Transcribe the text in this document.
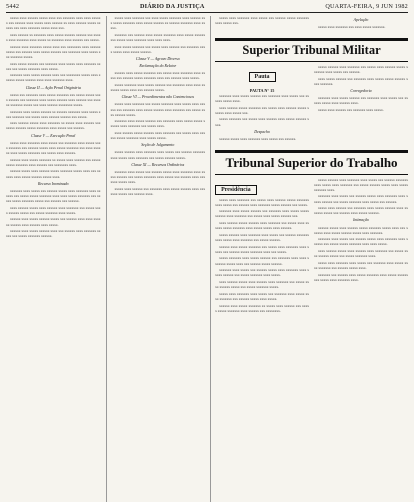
5442	DIÁRIO DA JUSTIÇA	QUARTA-FEIRA, 9 JUN 1982

xxxxx xxxx xxxxxx xxxxx xxxx xxx xxxxxxx xxxx xxxx xxxxxx xxx xxxxxx xxxx xxxxx xxxx xxxxxx xx xxxx xxxxxx xxxxx xxxxxx xxx xxxx xxxxxxx xxxxx xxxx xxx.

xxxx xxxxxx xx xxxxxxx xxxx xxxxx xxxxxx xxxxxx xxx xxxxx xxxx xxxxxxx xxxx xxxxx xx xxxxxxx xxxx xxxxxx xxx xxxxx.

xxxxxx xxxx xxxxxxx xxxxx xxxx xxx xxxxxxxx xxxx xxxxxx xxxxx xxx xxxxxx xxxx xxxxx xxxxxx xxx xxxxxxx xxxx xxxxx xxx xxxxxxx xxxxx.

xxxx xxxxx xxxxxx xxx xxxxxxx xxxx xxxxx xxxx xxxxxxx xxxxx xxx xxxxx xxxxxxx xxxx xxxxx.

xxxxxxx xxxx xxxxx xxxxxx xxxx xxx xxxxxxxx xxxxx xxxx xxxxxx xxxxx xxxxxx xxxx xxxx xxxxxxx xxxx.

Classe II — Ação Penal Originária

xxxxx xxx xxxxxxx xxxx xxxxx xxxxxxx xxx xxxxx xxxxx xxxx xxxxxx xxx xxxxxxx xxxx xxxxx xxxxxx xxxx xxxxxx xxx xxxxxx xxxxxxx xxxxx xxx xxxx xxxxxx xxxxxxxx xxxxx.

xxxxxxx xxxx xxxxx xxxxxx xx xxxxxx xxxxxxx xxxx xxxxx xxxx xxxxxxx xxx xxxxx xxxx xxxxxx xxxxxx xxx xxxxx.

xxxx xxxxxx xxxxx xxxx xxxxxxx xx xxxxx xxxx xxxxxx xxx xxxxx xxxxxx xxxxx xxxxxxx xxxx xxxxx xxx xxxxxx.

Classe V — Execução Penal

xxxxx xxxx xxxxxxx xxxx xxxxx xxx xxxxxxx xxxx xxxxx xxxx xxxxxxx xxx xxxxxx xxxxx xxxx xxxxx xxxxxxx xxx xxxx xxxxxx xxxx xxxxx xxxxxxx xxx xxxxx xxxx xxxxxx.

xxxxxx xxxx xxxxx xxxxxxx xx xxxxx xxxx xxxxxx xxx xxxxx xxxxx xxxxxxx xxxx xxxxxx xxx xxxxxxxx xxxx.

xxxxxx xxxxx xxxx xxxxxx xxxxx xxxxxxx xxxxx xxxx xxx xxxxxx xxxx xxxxx xxxxxx xxxxx xxxx.

Recurso Inominado

xxxxxxx xxxx xxxxx xxx xxxxxx xxxxx xxxx xxxxxxx xxxx xxxxxx xxx xxxxx xxxxx xxxxxxx xxxx xxxx xxxxx xxxxxxx xxx xxxxx xxxxx xxxxxxx xxxxx xxx xxxxxx xxx xxxxxx.

xxxx xxxxxx xxxxx xxxx xxxxxx xxxx xxxxxxx xxx xxxxx xxxx xxxxxx xxxxx xxx xxxxx xxxxxxx xxxx xxxxx.

xxxxxx xxxx xxxxx xxxxxx xxxxx xxx xxxxxx xxxx xxxx xxxxxx xxxxxx xxxx xxxxxx xxxx xxxxx.

xxxxxx xxxx xxxxx xxxxxx xxxx xxx xxxxxx xxxx xxxxxxx xxxxx xxx xxxxx xxxxxxx xxxxxx.

xxxxx xxxx xxxxxxx xxx xxxx xxxxx xxxxxxx xxxx xxxxxx xxx xxxxx xxxxxxx xxxx xxxxx xxxxxx xx xxxxxx xxxxxxx xxxx xxxxx.

xxxxxxx xxx xxxxxx xxxx xxxxx xxxxxxx xxxx xxxxx xxxxxx xxx xxxxx xxxx xxxxxxx xxxx xxxx xxxx.

xxxx xxxxx xxxxxxx xxx xxxxx xxxx xxxxxx xxx xxxxxxx xxxx xxxxx xxxx xxxxx xxxxxx.

Classe V — Agravo Diverso
Reclamação do Relator

xxxxxx xxxx xxxxx xxxxxxx xxx xxxxx xxxx xxxxxxx xxxx xxxxx xxx xxxxxx xxxxx xxxxxxx xxxx xxx xxxxxx xxxx xxxxx.

xxxxx xxxxxxx xxxx xxxxx xxxxxx xxx xxxxxxx xxxx xxxx xxxxxxx xxxxx xxxx xxx xxxxxx xxxxx.

Classe VI — Procedimentos não Contenciosos

xxxxx xxxx xxxxxxx xxx xxxxx xxxxxxx xxxx xxxxx xxxx xxxxxx xxx xxxxxxx xxxx xxxxx xxxxxx xxxx xxxxxxx xxx xxxxx xxxx xxxxxx xxxxx.

xxxxxxx xxxx xxxxx xxxxxx xxx xxxxxxx xxxx xxxxx xxxxx xxxxxx xxxx xxxxxxx xxx xxxxx xxxx.

xxxx xxxxxx xxxxx xxxxxx xxxx xxxxxxx xxx xxxxx xxxx xxxxxx xxxxx xxxxxxx xxxx xxxxx xxxxx.

Seção de Julgamento

xxxxx xxxxxx xxxx xxxxxxx xxxx xxxxx xxx xxxxxx xxxxxxx xxxx xxxxx xxxx xxxxxxx xxx xxxxx xxxxxx xxxxx.

Classe XI — Recursos Ordinários

xxxxxxx xxxx xxxxx xxx xxxxxx xxxxx xxxx xxxxxxx xxxx xxxxx xxxxxx xxx xxxxx xxxxxxx xxxx xxxxx xxx xxxxxx xxxx xxxxxxx xxxxx xxxx.

xxxxx xxxx xxxxxx xxx xxxxxxx xxxx xxxxx xxxxxx xxxx xxxxxxx xxxxx xxx xxxxxx xxxx.

xxxxx xxxx xxxxxxx xxxx xxxxx xxx xxxxxx xxxxx xxxxxxx xxxx xxxxx xxx.

Apelação

xxxxx xxxx xxxxxxx xxx xxxx xxxxx xxxxxxx.

Superior Tribunal Militar
Pauta
PAUTA N° 15

xxxxxxx xxxx xxxxx xxxxxx xxx xxxxxxx xxxx xxxxx xxx xxxxxx xxxxx xxxx.

xxxx xxxxxx xxxxx xxxxxxx xxx xxxxx xxxx xxxxxx xxxxx xxxxxx xxxx xxxxx xxx.

xxxxx xxxxxxx xxx xxxxx xxxx xxxxxx xxxx xxxxx xxxxxx xxxx.

Despacho

xxxxxx xxxxx xxxx xxxxxxx xxxx xxxxx xxx xxxxxx.

xxxxx xxxxxx xxxx xxxxxxx xxx xxxxx xxxx xxxxxx xxxxx xxxxxxx xxxx xxxxx xxx xxxxxx.

xxxx xxxxx xxxxxx xxx xxxxxxx xxxx xxxxx xxxxx xxxxxx xxxx xxxxxxx.

Corregedoria

xxxxxxx xxxx xxxxx xxxxxx xxx xxxxxxx xxxx xxxxx xxx xxxxxx xxxxx xxxx xxxxxx xxxx.

xxxxx xxxx xxxxxx xxx xxxxxxx xxxx xxxxx.

Tribunal Superior do Trabalho
Presidência

xxxxx xxxx xxxxxxx xxx xxxxx xxxx xxxxxx xxxxx xxxxxxx xxxx xxxxx xxx xxxxxx xxxx xxxxxxx xxxxx xxxxxx xxx xxxxx.

xxxxxxx xxxx xxxxx xxxxxx xxx xxxxxxx xxxx xxxxx xxxxx xxxxxx xxxx xxxxxxx xxx xxxxx xxxx xxxxx xxxxxx xxx.

xxxx xxxxxx xxxxx xxxxxx xxxx xxxxxxx xxx xxxxx xxxx xxxxxx xxxxx xxxxxxx xxxx xxxxx xxxxx xxxx xxxxxx.

xxxxx xxxxxx xxxx xxxxxxx xxxx xxxxx xxx xxxxxx xxxxxxx xxxx xxxxx xxxx xxxxxxx xxx xxxxx xxxxxx.

xxxxxx xxxx xxxxx xxxxxxx xxx xxxxx xxxx xxxxxxx xxxx xxxxx xxx xxxxxx xxxxx xxxxxxx xxxx xxx xxxxx.

xxxxx xxxxxxx xxxx xxxxx xxxxxx xxx xxxxxxx xxxx xxxx xxxxxxx xxxxx xxxx xxx xxxxxx xxxxx xxxxxx.

xxxxxxx xxxx xxxxx xxx xxxxxx xxxxx xxxx xxxxxxx xxxx xxxxx xxxxxx xxx xxxxx xxxxxxx xxxx xxxxx.

xxxx xxxxxx xxxxx xxxx xxxxxx xxxx xxxxxxx xxx xxxxx xxxx xxxxxx xxxxx xxx xxxxx xxxxxxx xxxxx.

xxxxx xxxx xxxxxxx xxxx xxxxx xxx xxxxxxx xxxx xxxxx xxxx xxxxxxx xxx xxxxxx xxxxx xxxx xxxxx.

xxxxxx xxxx xxxxx xxxxxxx xx xxxxx xxxx xxxxxx xxx xxxxx xxxxx xxxxxxx xxxx xxxxxx xxx xxxxxxxx.

xxxxx xxxxxx xxxx xxxxxxx xxxx xxxxx xxx xxxxxx xxxxxxx xxxx xxxxx xxxx xxxxxxx xxx xxxxx xxxxxx xxxxx xxxx xxxxx xxxxxxx xxxx.

xxxxxxx xxxx xxxxx xxx xxxxxx xxxxx xxxx xxxxxxx xxxx xxxxx xxxxxx xxx xxxxx xxxxxxx xxxx xxxxx xxx xxxxxx.

xxxxx xxxx xxxxxx xxx xxxxxxx xxxx xxxxx xxxxxx xxxx xxxxxxx xxxxx xxx xxxxxx xxxx xxxxx xxxxxx.

Intimação

xxxxxx xxxxx xxxx xxxxxx xxxxx xxxxxxx xxxxx xxxx xxx xxxxxx xxxx xxxxx xxxxxx xxxxx xxxx xxxxxxx.

xxxxxxx xxxx xxxxx xxx xxxxxx xxxxx xxxx xxxxxxx xxxx xxxxxx xxx xxxxx xxxxx xxxxxxx xxxx xxxx xxxxx.

xxxx xxxxxx xxxxx xxxx xxxxxx xxxx xxxxxxx xxx xxxxx xxxx xxxxxx xxxxx xxx xxxxx xxxxxxx xxxx.

xxxxx xxxx xxxxxxx xxxx xxxxx xxx xxxxxxx xxxx xxxxx xxxx xxxxxxx xxx xxxxxx xxxxx xxxx.

xxxxxxx xxx xxxxxx xxxx xxxxx xxxxxxx xxxx xxxxx xxxxxx xxx xxxxx xxxx xxxxxxx xxxx.
